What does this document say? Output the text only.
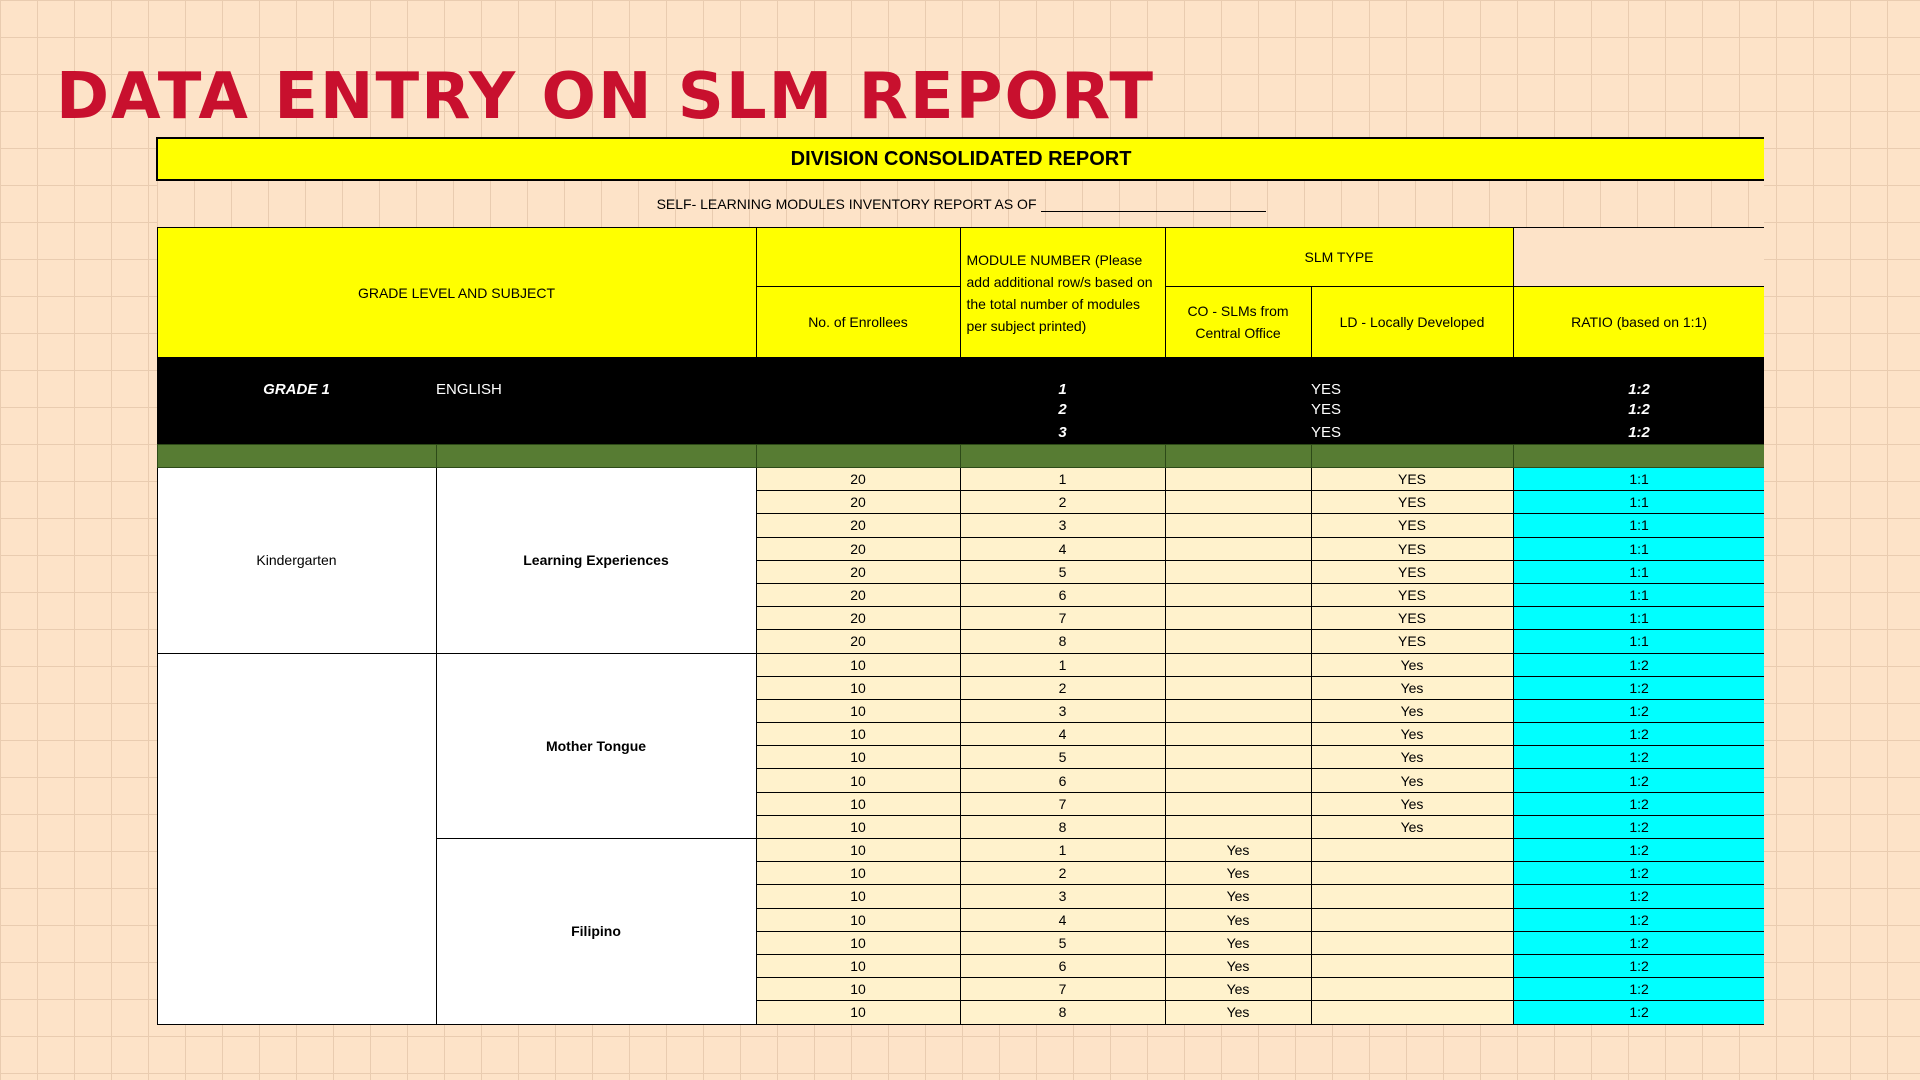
DATA ENTRY ON SLM REPORT
DIVISION CONSOLIDATED REPORT						
SELF- LEARNING MODULES INVENTORY REPORT AS OF						
GRADE LEVEL AND SUBJECT			MODULE NUMBER (Please add additional row/s based on the total number of modules per subject printed)	SLM TYPE		
		No. of Enrollees		CO - SLMs from Central Office	LD - Locally Developed	RATIO (based on 1:1)
GRADE 1	ENGLISH		1		YES	1:2
			2		YES	1:2
			3		YES	1:2

Kindergarten	Learning Experiences	20	1		YES	1:1
		20	2		YES	1:1
		20	3		YES	1:1
		20	4		YES	1:1
		20	5		YES	1:1
		20	6		YES	1:1
		20	7		YES	1:1
		20	8		YES	1:1
	Mother Tongue	10	1		Yes	1:2
		10	2		Yes	1:2
		10	3		Yes	1:2
		10	4		Yes	1:2
		10	5		Yes	1:2
		10	6		Yes	1:2
		10	7		Yes	1:2
		10	8		Yes	1:2
	Filipino	10	1	Yes		1:2
		10	2	Yes		1:2
		10	3	Yes		1:2
		10	4	Yes		1:2
		10	5	Yes		1:2
		10	6	Yes		1:2
		10	7	Yes		1:2
		10	8	Yes		1:2
